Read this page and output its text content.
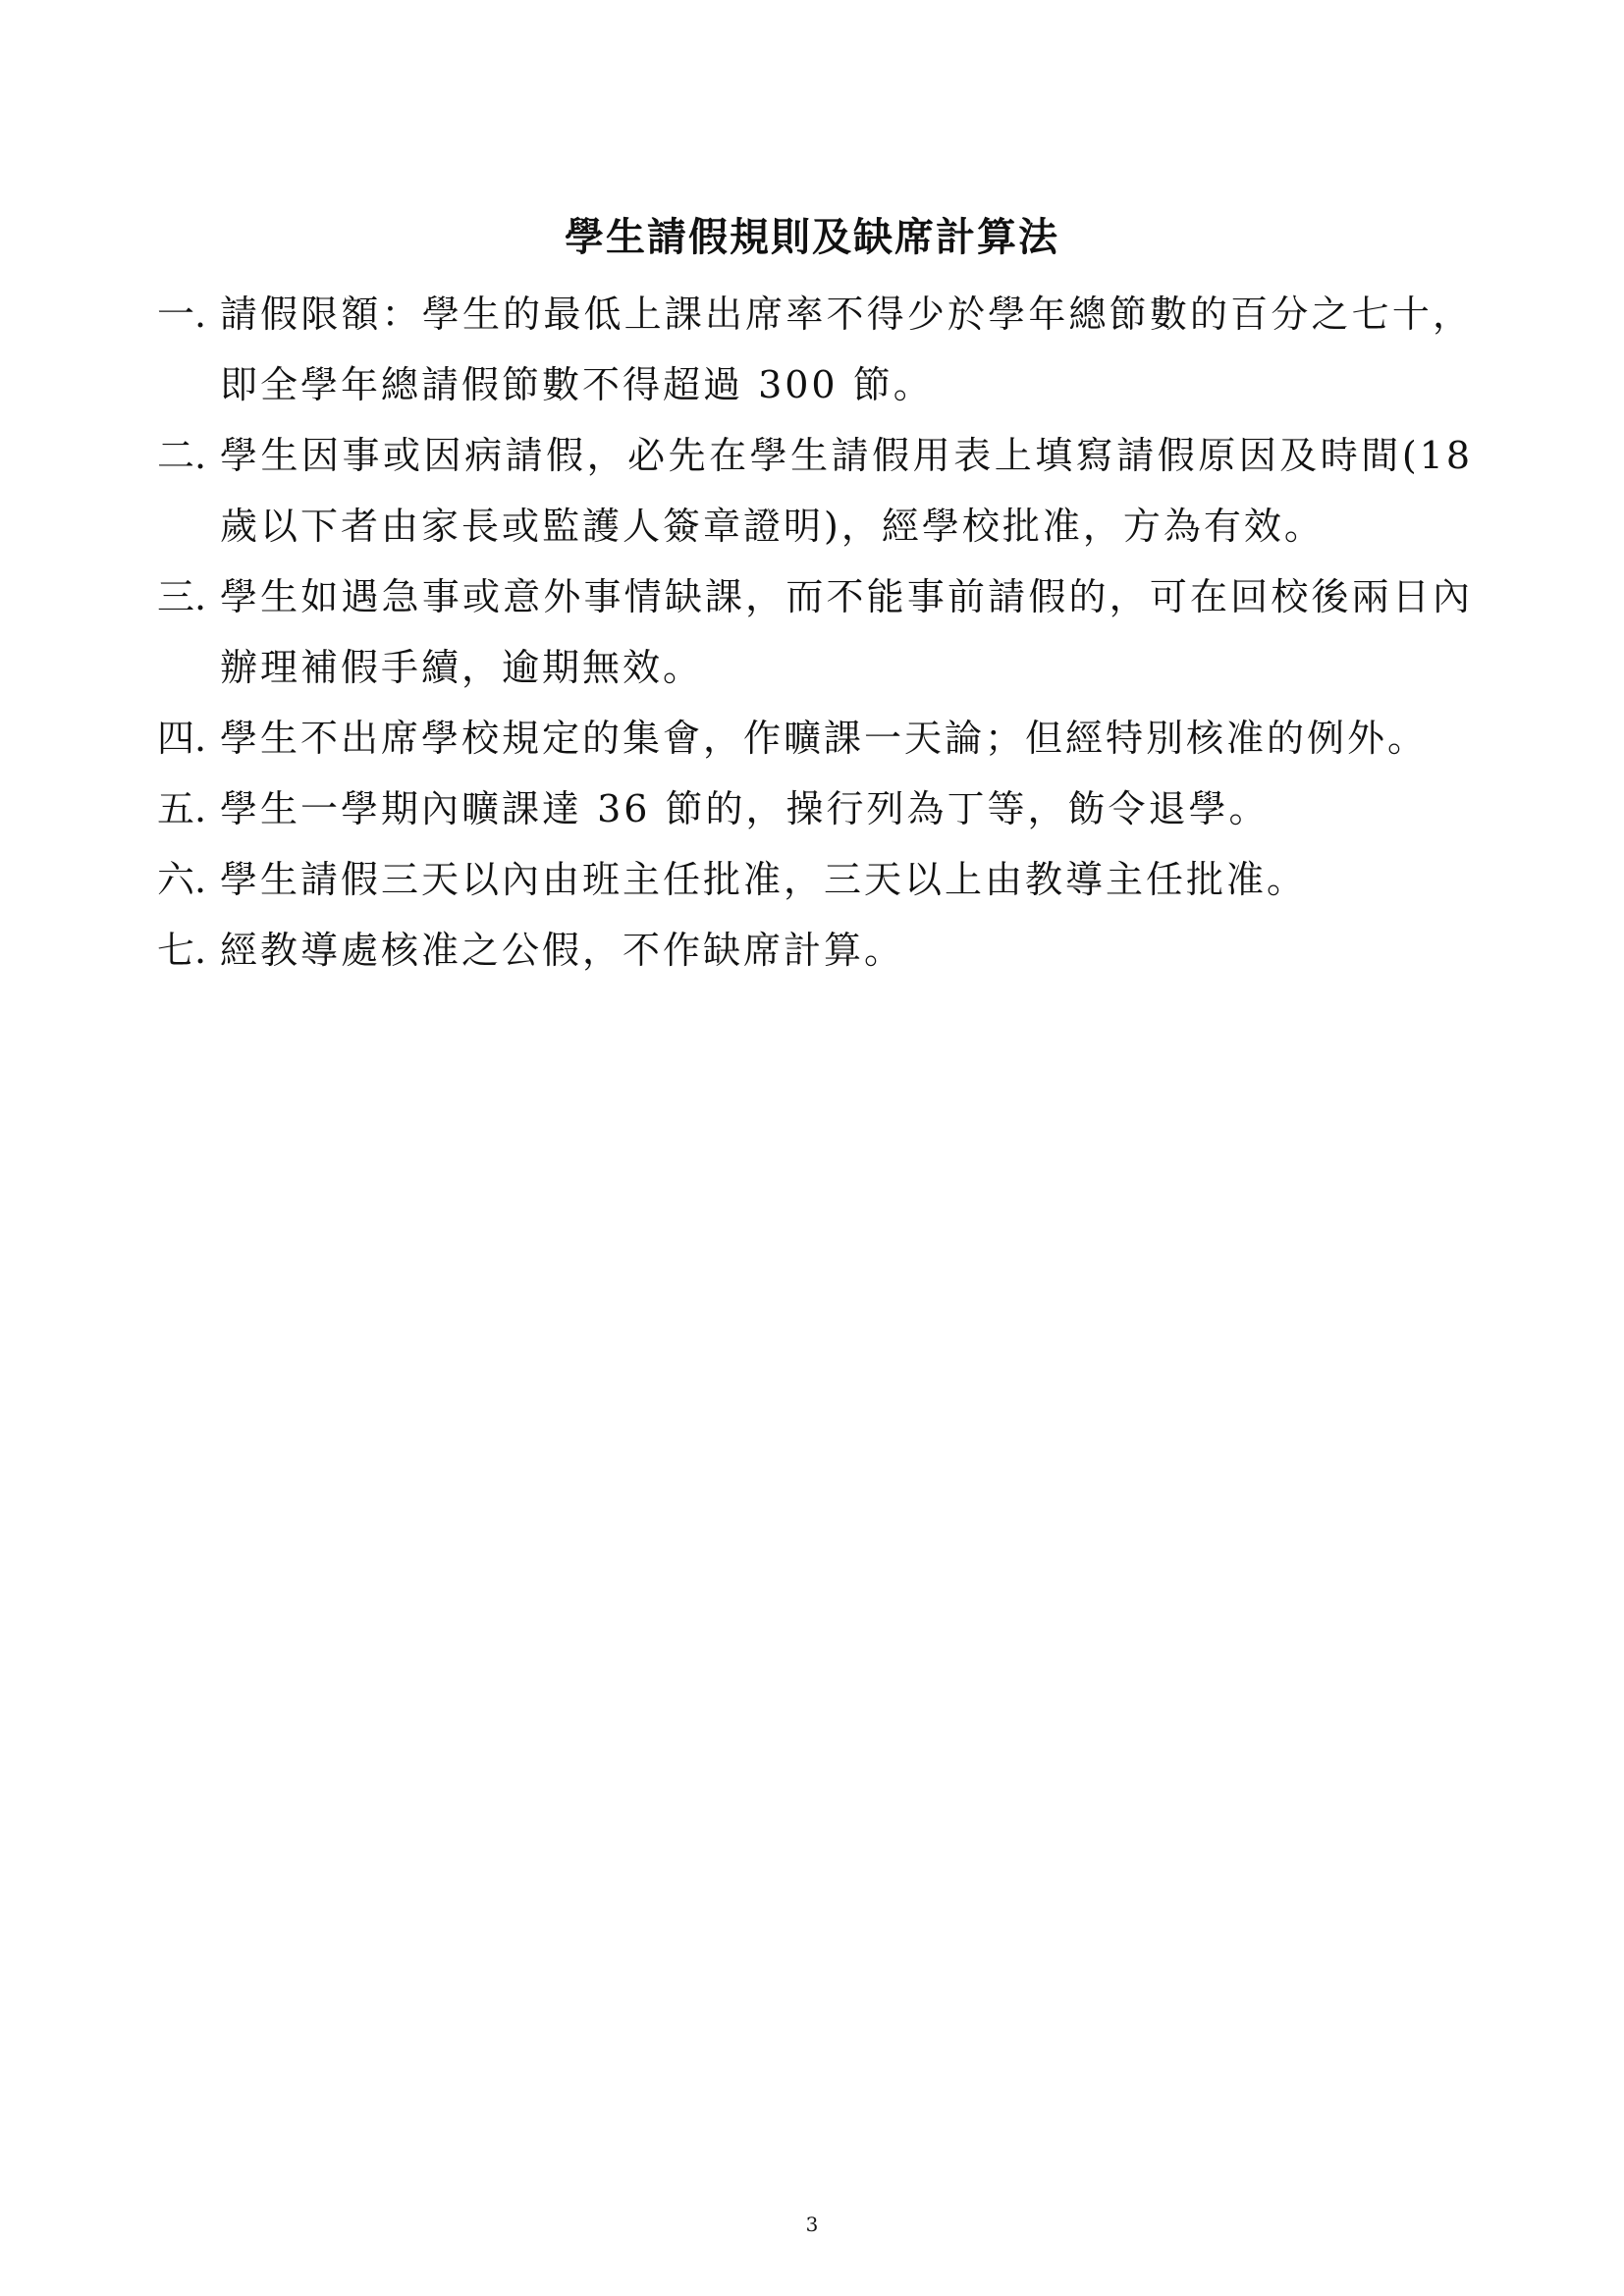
學生請假規則及缺席計算法
一. 請假限額：學生的最低上課出席率不得少於學年總節數的百分之七十，即全學年總請假節數不得超過 300 節。
二. 學生因事或因病請假，必先在學生請假用表上填寫請假原因及時間(18 歲以下者由家長或監護人簽章證明)，經學校批准，方為有效。
三. 學生如遇急事或意外事情缺課，而不能事前請假的，可在回校後兩日內辦理補假手續，逾期無效。
四. 學生不出席學校規定的集會，作曠課一天論；但經特別核准的例外。
五. 學生一學期內曠課達 36 節的，操行列為丁等，飭令退學。
六. 學生請假三天以內由班主任批准，三天以上由教導主任批准。
七. 經教導處核准之公假，不作缺席計算。
3
